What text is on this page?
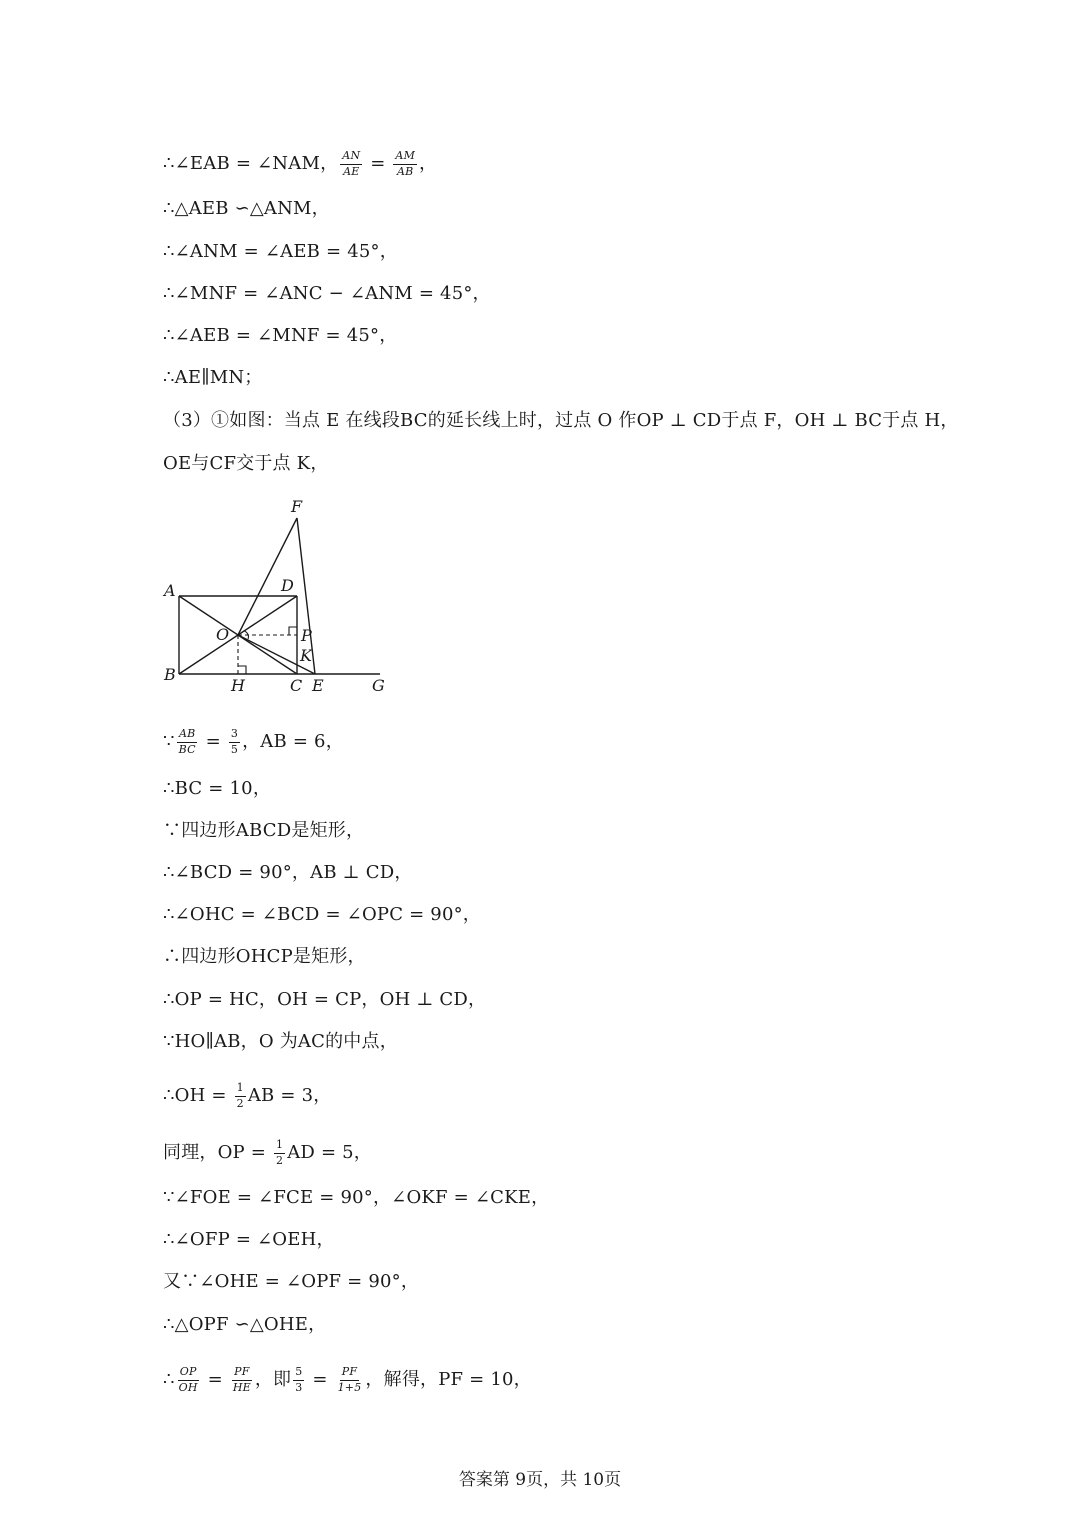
∴∠EAB = ∠NAM， $\frac{AN}{AE} = \frac{AM}{AB}$ ，
∴△AEB ∽△ANM，
∴∠ANM = ∠AEB = 45°，
∴∠MNF = ∠ANC − ∠ANM = 45°，
∴∠AEB = ∠MNF = 45°，
∴AE∥MN；
（3）①如图：当点 E 在线段BC的延长线上时，过点 O 作OP ⊥ CD于点 F，OH ⊥ BC于点 H，
OE与CF交于点 K，
∵ $\frac{AB}{BC} = \frac{3}{5}$ ，AB = 6，
∴BC = 10，
∵四边形ABCD是矩形，
∴∠BCD = 90°，AB ⊥ CD，
∴∠OHC = ∠BCD = ∠OPC = 90°，
∴四边形OHCP是矩形，
∴OP = HC，OH = CP，OH ⊥ CD，
∵HO∥AB，O 为AC的中点，
∴OH = $\frac{1}{2}$ AB = 3，
同理，OP = $\frac{1}{2}$ AD = 5，
∵∠FOE = ∠FCE = 90°，∠OKF = ∠CKE，
∴∠OFP = ∠OEH，
又∵∠OHE = ∠OPF = 90°，
∴△OPF ∽△OHE，
∴ $\frac{OP}{OH} = \frac{PF}{HE}$ ，即 $\frac{5}{3} = \frac{PF}{1+5}$ ，解得，PF = 10，
F
A	D
O	P
K
B
H	C E	G
答案第 9页，共 10页
